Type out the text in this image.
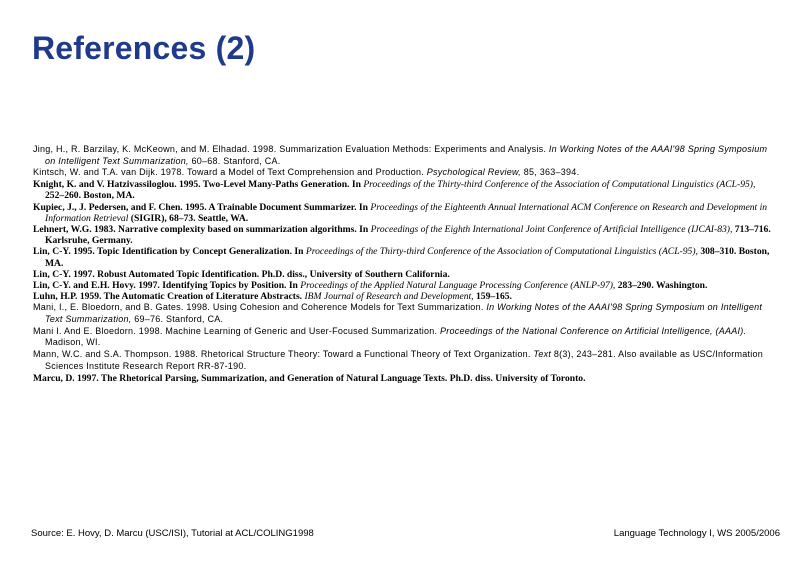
References (2)

Jing, H., R. Barzilay, K. McKeown, and M. Elhadad. 1998. Summarization Evaluation Methods: Experiments and Analysis. In Working Notes of the AAAI'98 Spring Symposium on Intelligent Text Summarization, 60–68. Stanford, CA.

Kintsch, W. and T.A. van Dijk. 1978. Toward a Model of Text Comprehension and Production. Psychological Review, 85, 363–394.

Knight, K. and V. Hatzivassiloglou. 1995. Two-Level Many-Paths Generation. In Proceedings of the Thirty-third Conference of the Association of Computational Linguistics (ACL-95), 252–260. Boston, MA.

Kupiec, J., J. Pedersen, and F. Chen. 1995. A Trainable Document Summarizer. In Proceedings of the Eighteenth Annual International ACM Conference on Research and Development in Information Retrieval (SIGIR), 68–73. Seattle, WA.

Lehnert, W.G. 1983. Narrative complexity based on summarization algorithms. In Proceedings of the Eighth International Joint Conference of Artificial Intelligence (IJCAI-83), 713–716. Karlsruhe, Germany.

Lin, C-Y. 1995. Topic Identification by Concept Generalization. In Proceedings of the Thirty-third Conference of the Association of Computational Linguistics (ACL-95), 308–310. Boston, MA.

Lin, C-Y. 1997. Robust Automated Topic Identification. Ph.D. diss., University of Southern California.

Lin, C-Y. and E.H. Hovy. 1997. Identifying Topics by Position. In Proceedings of the Applied Natural Language Processing Conference (ANLP-97), 283–290. Washington.

Luhn, H.P. 1959. The Automatic Creation of Literature Abstracts. IBM Journal of Research and Development, 159–165.

Mani, I., E. Bloedorn, and B. Gates. 1998. Using Cohesion and Coherence Models for Text Summarization. In Working Notes of the AAAI'98 Spring Symposium on Intelligent Text Summarization, 69–76. Stanford, CA.

Mani I. And E. Bloedorn. 1998. Machine Learning of Generic and User-Focused Summarization. Proceedings of the National Conference on Artificial Intelligence, (AAAI). Madison, WI.

Mann, W.C. and S.A. Thompson. 1988. Rhetorical Structure Theory: Toward a Functional Theory of Text Organization. Text 8(3), 243–281. Also available as USC/Information Sciences Institute Research Report RR-87-190.

Marcu, D. 1997. The Rhetorical Parsing, Summarization, and Generation of Natural Language Texts. Ph.D. diss. University of Toronto.

Source: E. Hovy, D. Marcu (USC/ISI), Tutorial at ACL/COLING1998	Language Technology I, WS 2005/2006
